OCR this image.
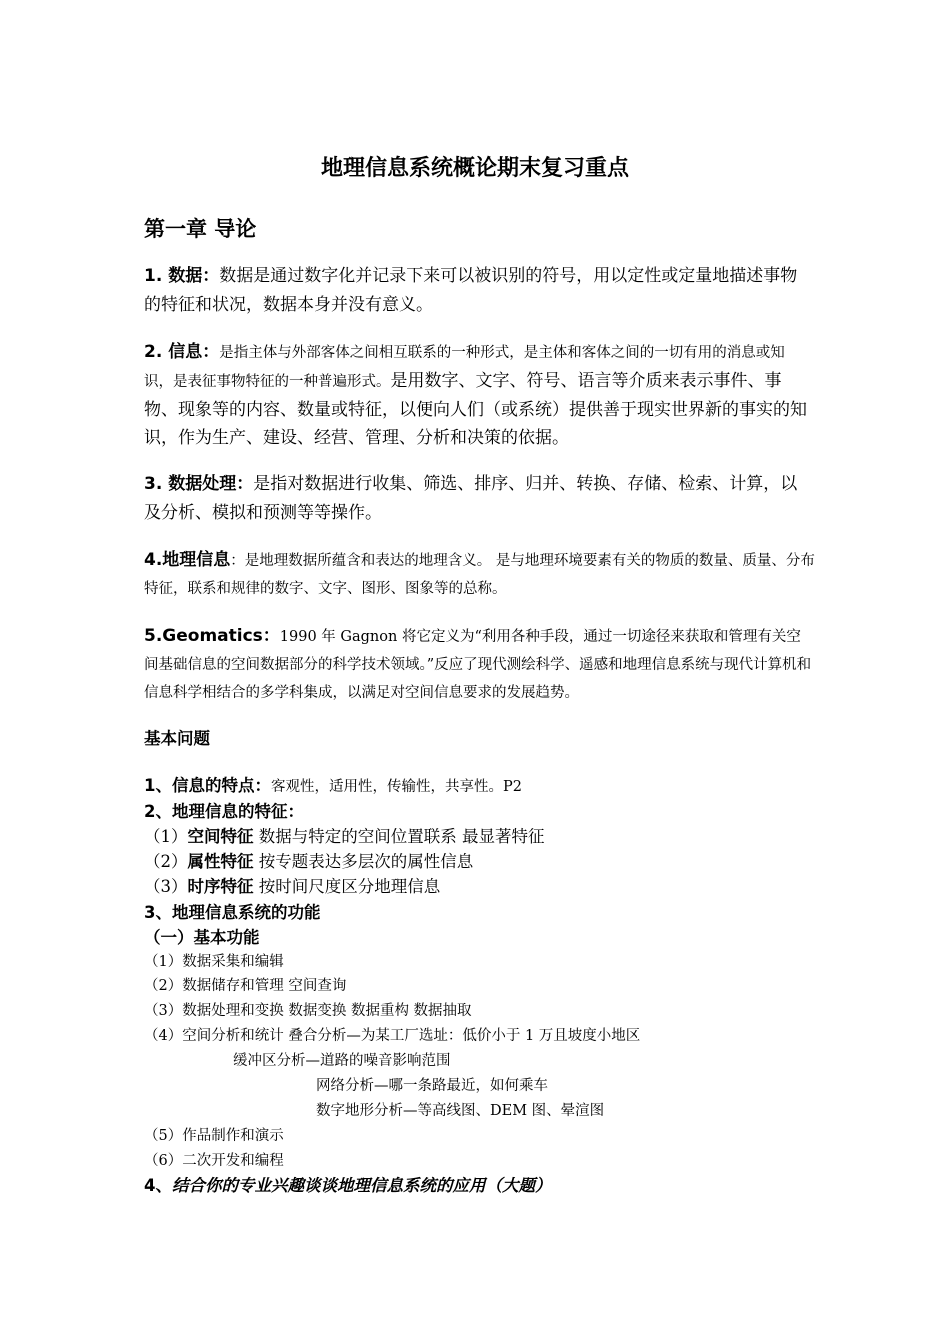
地理信息系统概论期末复习重点
第一章 导论
1. 数据：数据是通过数字化并记录下来可以被识别的符号，用以定性或定量地描述事物的特征和状况，数据本身并没有意义。
2. 信息：是指主体与外部客体之间相互联系的一种形式，是主体和客体之间的一切有用的消息或知识，是表征事物特征的一种普遍形式。是用数字、文字、符号、语言等介质来表示事件、事物、现象等的内容、数量或特征，以便向人们（或系统）提供善于现实世界新的事实的知识，作为生产、建设、经营、管理、分析和决策的依据。
3. 数据处理：是指对数据进行收集、筛选、排序、归并、转换、存储、检索、计算，以及分析、模拟和预测等等操作。
4.地理信息：是地理数据所蕴含和表达的地理含义。 是与地理环境要素有关的物质的数量、质量、分布特征，联系和规律的数字、文字、图形、图象等的总称。
5.Geomatics：1990 年 Gagnon 将它定义为“利用各种手段，通过一切途径来获取和管理有关空间基础信息的空间数据部分的科学技术领域。”反应了现代测绘科学、遥感和地理信息系统与现代计算机和信息科学相结合的多学科集成，以满足对空间信息要求的发展趋势。
基本问题
1、信息的特点：客观性，适用性，传输性，共享性。P2
2、地理信息的特征：
（1）空间特征 数据与特定的空间位置联系 最显著特征
（2）属性特征 按专题表达多层次的属性信息
（3）时序特征 按时间尺度区分地理信息
3、地理信息系统的功能
（一）基本功能
（1）数据采集和编辑
（2）数据储存和管理 空间查询
（3）数据处理和变换 数据变换 数据重构 数据抽取
（4）空间分析和统计 叠合分析—为某工厂选址：低价小于 1 万且坡度小地区
缓冲区分析—道路的噪音影响范围
网络分析—哪一条路最近，如何乘车
数字地形分析—等高线图、DEM 图、晕渲图
（5）作品制作和演示
（6）二次开发和编程
4、结合你的专业兴趣谈谈地理信息系统的应用（大题）
